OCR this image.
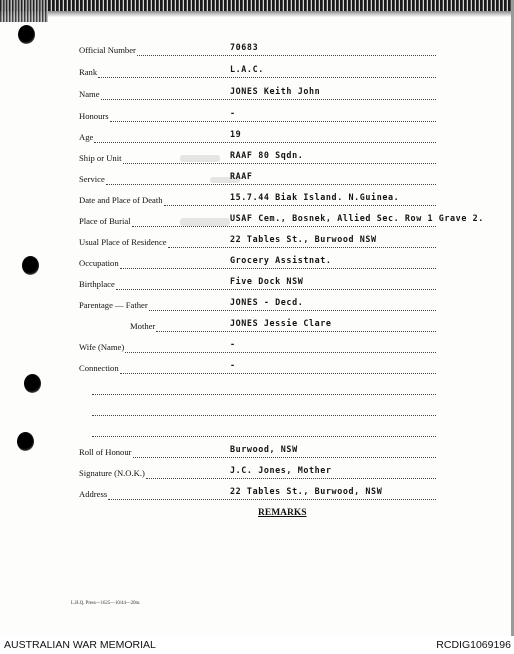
Official Number	70683
Rank	L.A.C.
Name	JONES Keith John
Honours	-
Age	19
Ship or Unit	RAAF 80 Sqdn.
Service	RAAF
Date and Place of Death	15.7.44 Biak Island. N.Guinea.
Place of Burial	USAF Cem., Bosnek, Allied Sec. Row 1 Grave 2.
Usual Place of Residence	22 Tables St., Burwood NSW
Occupation	Grocery Assistnat.
Birthplace	Five Dock NSW
Parentage — Father	JONES - Decd.
Mother	JONES Jessie Clare
Wife (Name)	-
Connection	-
Roll of Honour	Burwood, NSW
Signature (N.O.K.)	J.C. Jones, Mother
Address	22 Tables St., Burwood, NSW
REMARKS
L.H.Q. Press—1625—10/44—20m.
AUSTRALIAN WAR MEMORIAL	RCDIG1069196
